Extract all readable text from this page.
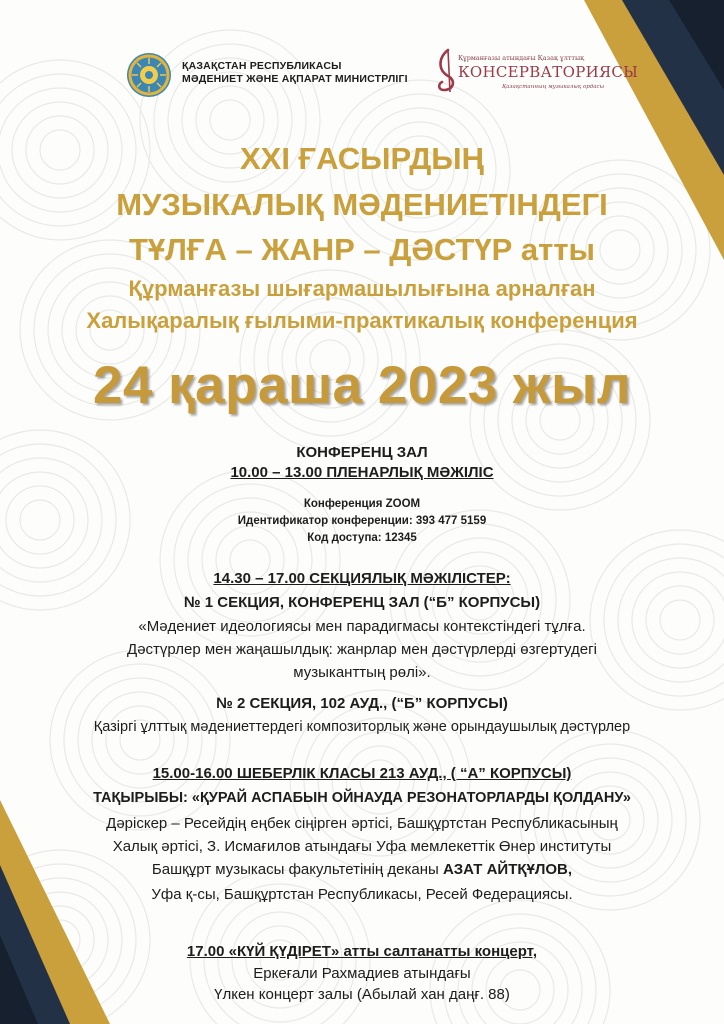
ҚАЗАҚСТАН РЕСПУБЛИКАСЫ
МӘДЕНИЕТ ЖӘНЕ АҚПАРАТ МИНИСТРЛІГІ
Құрманғазы атындағы Қазақ ұлттық
КОНСЕРВАТОРИЯСЫ
Қазақстанның музыкалық ордасы
XXI ҒАСЫРДЫҢ
МУЗЫКАЛЫҚ МӘДЕНИЕТІНДЕГІ
ТҰЛҒА – ЖАНР – ДӘСТҮР атты
Құрманғазы шығармашылығына арналған
Халықаралық ғылыми-практикалық конференция
24 қараша 2023 жыл
КОНФЕРЕНЦ ЗАЛ
10.00 – 13.00 ПЛЕНАРЛЫҚ МӘЖІЛІС
Конференция ZOOM
Идентификатор конференции: 393 477 5159
Код доступа: 12345
14.30 – 17.00 СЕКЦИЯЛЫҚ МӘЖІЛІСТЕР:
№ 1 СЕКЦИЯ, КОНФЕРЕНЦ ЗАЛ (“Б” КОРПУСЫ)
«Мәдениет идеологиясы мен парадигмасы контекстіндегі тұлға.
Дәстүрлер мен жаңашылдық: жанрлар мен дәстүрлерді өзгертудегі
музыканттың рөлі».
№ 2 СЕКЦИЯ, 102 АУД., (“Б” КОРПУСЫ)
Қазіргі ұлттық мәдениеттердегі композиторлық және орындаушылық дәстүрлер
15.00-16.00 ШЕБЕРЛІК КЛАСЫ 213 АУД., ( “А” КОРПУСЫ)
ТАҚЫРЫБЫ: «ҚУРАЙ АСПАБЫН ОЙНАУДА РЕЗОНАТОРЛАРДЫ ҚОЛДАНУ»
Дәріскер – Ресейдің еңбек сіңірген әртісі, Башқұртстан Республикасының
Халық әртісі, З. Исмағилов атындағы Уфа мемлекеттік Өнер институты
Башқұрт музыкасы факультетінің деканы АЗАТ АЙТҚҰЛОВ,
Уфа қ-сы, Башқұртстан Республикасы, Ресей Федерациясы.
17.00 «КҮЙ ҚҮДІРЕТ» атты салтанатты концерт,
Еркеғали Рахмадиев атындағы
Үлкен концерт залы (Абылай хан даңғ. 88)
